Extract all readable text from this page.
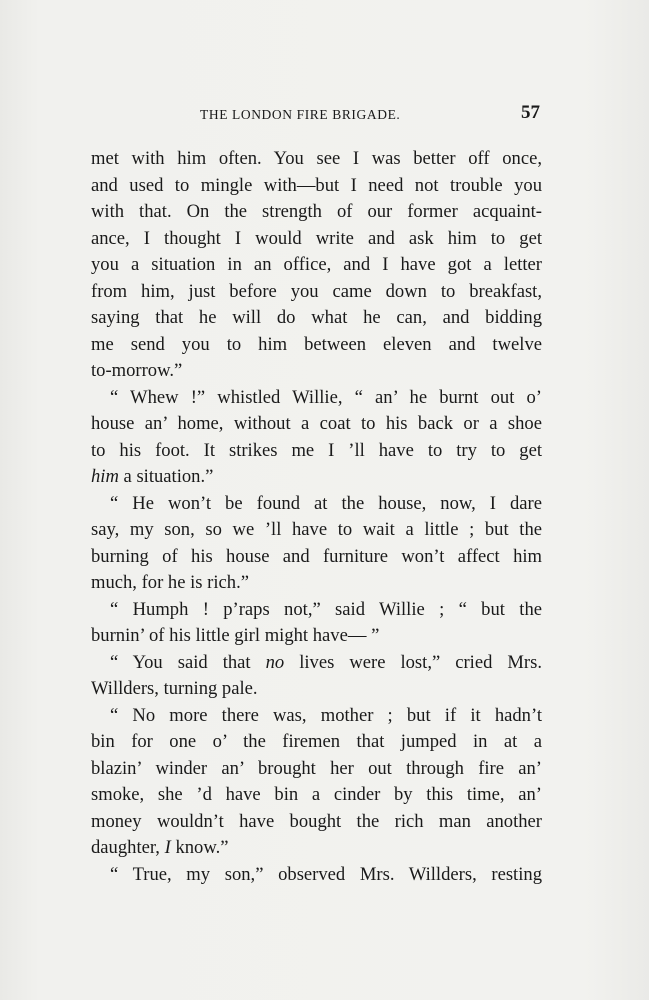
THE LONDON FIRE BRIGADE.	57
met with him often. You see I was better off once,
and used to mingle with—but I need not trouble you
with that. On the strength of our former acquaint-
ance, I thought I would write and ask him to get
you a situation in an office, and I have got a letter
from him, just before you came down to breakfast,
saying that he will do what he can, and bidding
me send you to him between eleven and twelve
to-morrow.”
“ Whew !” whistled Willie, “ an’ he burnt out o’
house an’ home, without a coat to his back or a shoe
to his foot. It strikes me I ’ll have to try to get
him a situation.”
“ He won’t be found at the house, now, I dare
say, my son, so we ’ll have to wait a little ; but the
burning of his house and furniture won’t affect him
much, for he is rich.”
“ Humph ! p’raps not,” said Willie ; “ but the
burnin’ of his little girl might have— ”
“ You said that no lives were lost,” cried Mrs.
Willders, turning pale.
“ No more there was, mother ; but if it hadn’t
bin for one o’ the firemen that jumped in at a
blazin’ winder an’ brought her out through fire an’
smoke, she ’d have bin a cinder by this time, an’
money wouldn’t have bought the rich man another
daughter, I know.”
“ True, my son,” observed Mrs. Willders, resting
